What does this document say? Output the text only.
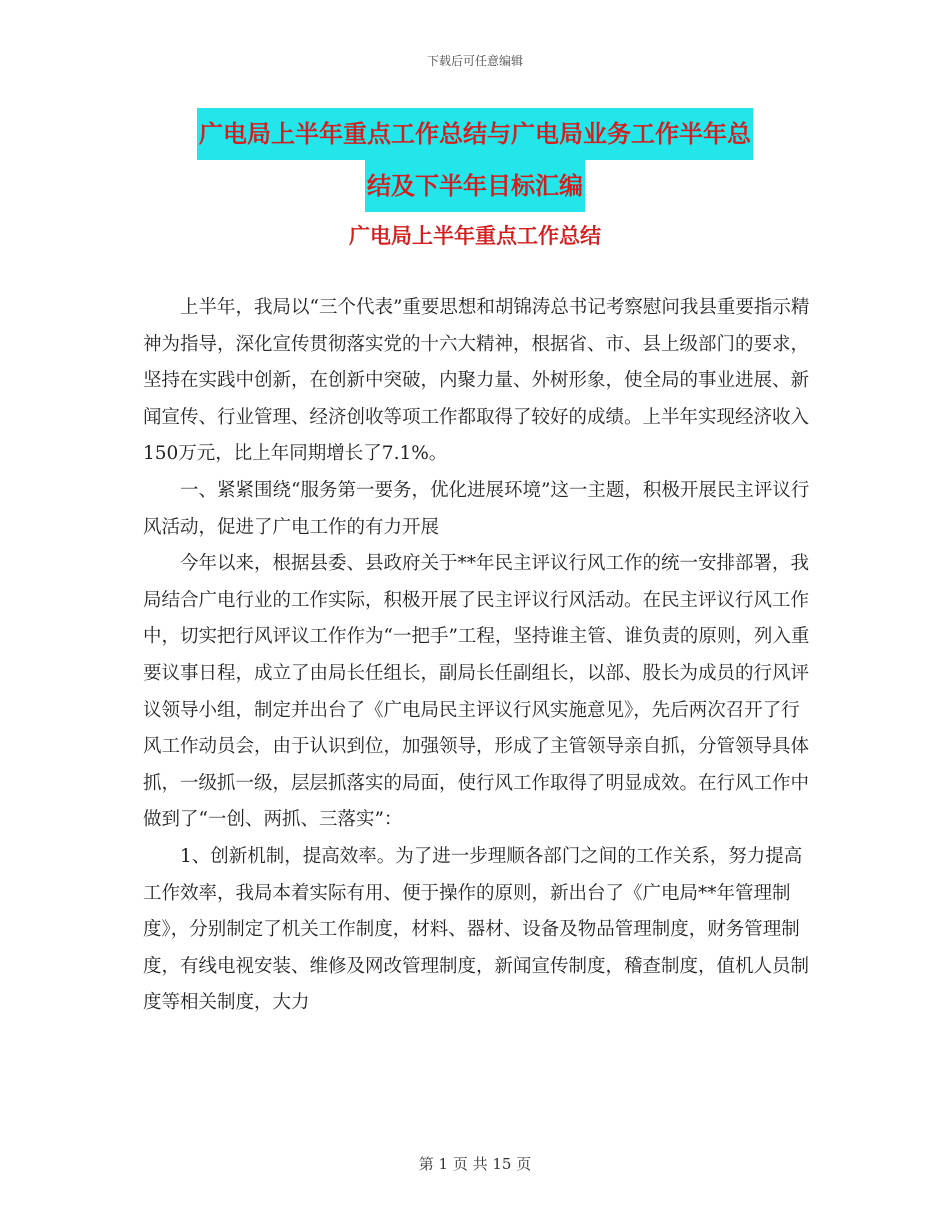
下载后可任意编辑
广电局上半年重点工作总结与广电局业务工作半年总
结及下半年目标汇编
广电局上半年重点工作总结

上半年，我局以“三个代表”重要思想和胡锦涛总书记考察慰问我县重要指示精神为指导，深化宣传贯彻落实党的十六大精神，根据省、市、县上级部门的要求，坚持在实践中创新，在创新中突破，内聚力量、外树形象，使全局的事业进展、新闻宣传、行业管理、经济创收等项工作都取得了较好的成绩。上半年实现经济收入150万元，比上年同期增长了7.1%。

一、紧紧围绕“服务第一要务，优化进展环境”这一主题，积极开展民主评议行风活动，促进了广电工作的有力开展

今年以来，根据县委、县政府关于**年民主评议行风工作的统一安排部署，我局结合广电行业的工作实际，积极开展了民主评议行风活动。在民主评议行风工作中，切实把行风评议工作作为“一把手”工程，坚持谁主管、谁负责的原则，列入重要议事日程，成立了由局长任组长，副局长任副组长，以部、股长为成员的行风评议领导小组，制定并出台了《广电局民主评议行风实施意见》，先后两次召开了行风工作动员会，由于认识到位，加强领导，形成了主管领导亲自抓，分管领导具体抓，一级抓一级，层层抓落实的局面，使行风工作取得了明显成效。在行风工作中做到了“一创、两抓、三落实”：

1、创新机制，提高效率。为了进一步理顺各部门之间的工作关系，努力提高工作效率，我局本着实际有用、便于操作的原则，新出台了《广电局**年管理制度》，分别制定了机关工作制度，材料、器材、设备及物品管理制度，财务管理制度，有线电视安装、维修及网改管理制度，新闻宣传制度，稽查制度，值机人员制度等相关制度，大力

第 1 页 共 15 页
